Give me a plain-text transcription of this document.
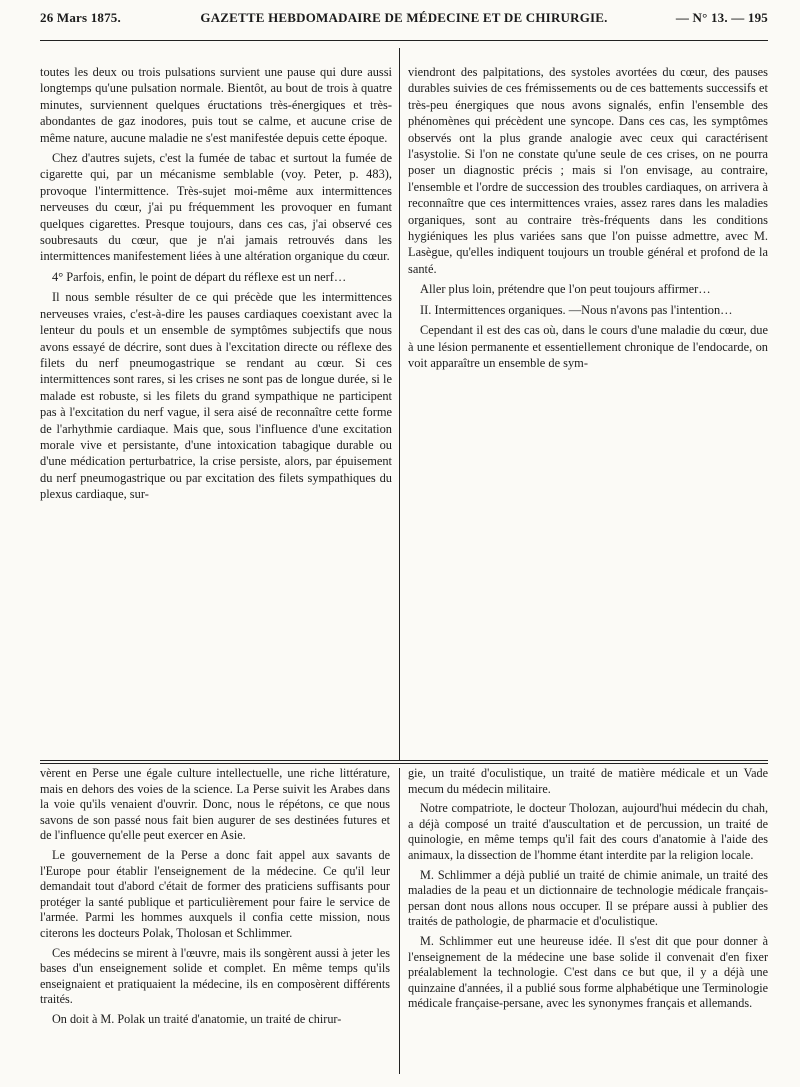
26 Mars 1875.	GAZETTE HEBDOMADAIRE DE MÉDECINE ET DE CHIRURGIE.	— N° 13. — 195

toutes les deux ou trois pulsations survient une pause qui dure aussi longtemps qu'une pulsation normale. Bientôt, au bout de trois à quatre minutes, surviennent quelques éructations très-énergiques et très-abondantes de gaz inodores, puis tout se calme, et aucune crise de même nature, aucune maladie ne s'est manifestée depuis cette époque.

Chez d'autres sujets, c'est la fumée de tabac et surtout la fumée de cigarette qui, par un mécanisme semblable (voy. Peter, p. 483), provoque l'intermittence. Très-sujet moi-même aux intermittences nerveuses du cœur, j'ai pu fréquemment les provoquer en fumant quelques cigarettes. Presque toujours, dans ces cas, j'ai observé ces soubresauts du cœur, que je n'ai jamais retrouvés dans les intermittences manifestement liées à une altération organique du cœur.

4° Parfois, enfin, le point de départ du réflexe est un nerf…

Il nous semble résulter de ce qui précède que les intermittences nerveuses vraies, c'est-à-dire les pauses cardiaques coexistant avec la lenteur du pouls et un ensemble de symptômes subjectifs que nous avons essayé de décrire, sont dues à l'excitation directe ou réflexe des filets du nerf pneumogastrique se rendant au cœur. Si ces intermittences sont rares, si les crises ne sont pas de longue durée, si le malade est robuste, si les filets du grand sympathique ne participent pas à l'excitation du nerf vague, il sera aisé de reconnaître cette forme de l'arhythmie cardiaque. Mais que, sous l'influence d'une excitation morale vive et persistante, d'une intoxication tabagique durable ou d'une médication perturbatrice, la crise persiste, alors, par épuisement du nerf pneumogastrique ou par excitation des filets sympathiques du plexus cardiaque, sur-

viendront des palpitations, des systoles avortées du cœur, des pauses durables suivies de ces frémissements ou de ces battements successifs et très-peu énergiques que nous avons signalés, enfin l'ensemble des phénomènes qui précèdent une syncope. Dans ces cas, les symptômes observés ont la plus grande analogie avec ceux qui caractérisent l'asystolie. Si l'on ne constate qu'une seule de ces crises, on ne pourra poser un diagnostic précis ; mais si l'on envisage, au contraire, l'ensemble et l'ordre de succession des troubles cardiaques, on arrivera à reconnaître que ces intermittences vraies, assez rares dans les maladies organiques, sont au contraire très-fréquents dans les conditions hygiéniques les plus variées sans que l'on puisse admettre, avec M. Lasègue, qu'elles indiquent toujours un trouble général et profond de la santé.

Aller plus loin, prétendre que l'on peut toujours affirmer…

II. Intermittences organiques. —Nous n'avons pas l'intention…

Cependant il est des cas où, dans le cours d'une maladie du cœur, due à une lésion permanente et essentiellement chronique de l'endocarde, on voit apparaître un ensemble de sym-

vèrent en Perse une égale culture intellectuelle, une riche littérature, mais en dehors des voies de la science. La Perse suivit les Arabes dans la voie qu'ils venaient d'ouvrir. Donc, nous le répétons, ce que nous savons de son passé nous fait bien augurer de ses destinées futures et de l'influence qu'elle peut exercer en Asie.

Le gouvernement de la Perse a donc fait appel aux savants de l'Europe pour établir l'enseignement de la médecine. Ce qu'il leur demandait tout d'abord c'était de former des praticiens suffisants pour protéger la santé publique et particulièrement pour faire le service de l'armée. Parmi les hommes auxquels il confia cette mission, nous citerons les docteurs Polak, Tholosan et Schlimmer.

Ces médecins se mirent à l'œuvre, mais ils songèrent aussi à jeter les bases d'un enseignement solide et complet. En même temps qu'ils enseignaient et pratiquaient la médecine, ils en composèrent différents traités.

On doit à M. Polak un traité d'anatomie, un traité de chirur-

gie, un traité d'oculistique, un traité de matière médicale et un Vade mecum du médecin militaire.

Notre compatriote, le docteur Tholozan, aujourd'hui médecin du chah, a déjà composé un traité d'auscultation et de percussion, un traité de quinologie, en même temps qu'il fait des cours d'anatomie à l'aide des animaux, la dissection de l'homme étant interdite par la religion locale.

M. Schlimmer a déjà publié un traité de chimie animale, un traité des maladies de la peau et un dictionnaire de technologie médicale français-persan dont nous allons nous occuper. Il se prépare aussi à publier des traités de pathologie, de pharmacie et d'oculistique.

M. Schlimmer eut une heureuse idée. Il s'est dit que pour donner à l'enseignement de la médecine une base solide il convenait d'en fixer préalablement la technologie. C'est dans ce but que, il y a déjà une quinzaine d'années, il a publié sous forme alphabétique une Terminologie médicale française-persane, avec les synonymes français et allemands.
